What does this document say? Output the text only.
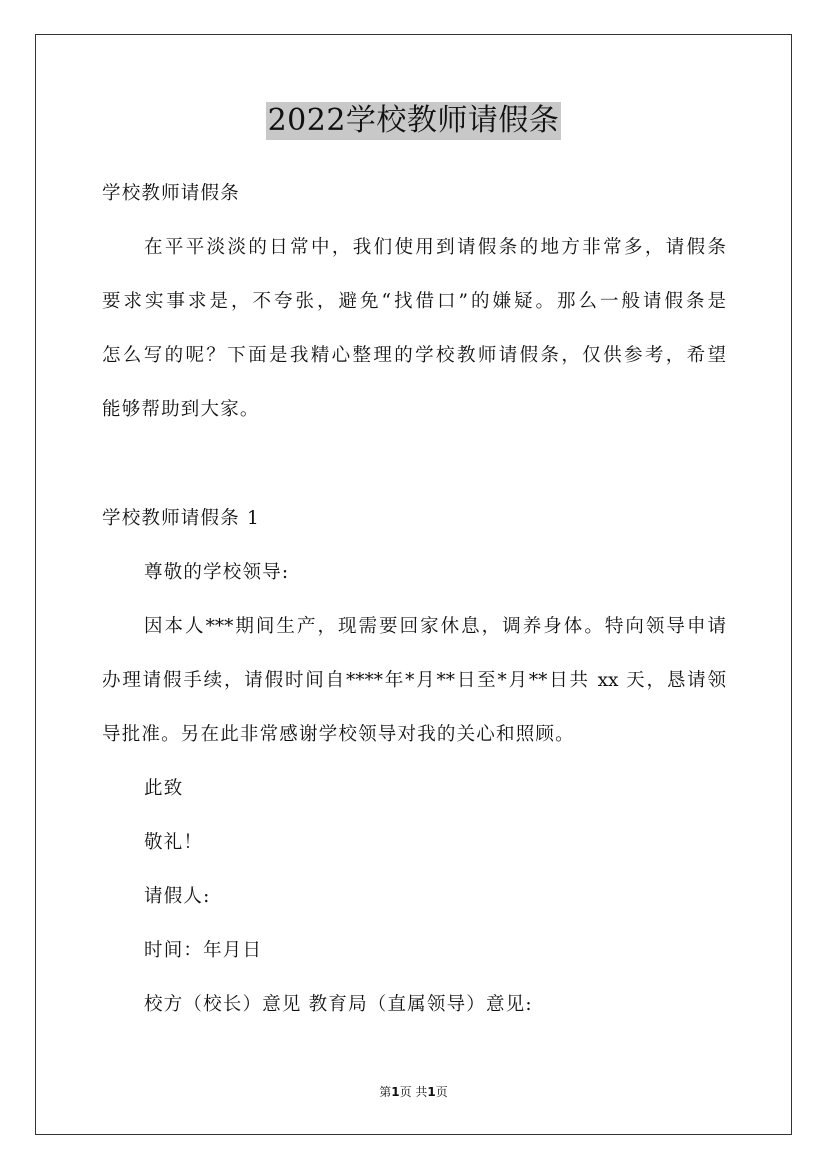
2022学校教师请假条
学校教师请假条
在平平淡淡的日常中，我们使用到请假条的地方非常多，请假条
要求实事求是，不夸张，避免“找借口”的嫌疑。那么一般请假条是
怎么写的呢？下面是我精心整理的学校教师请假条，仅供参考，希望
能够帮助到大家。
学校教师请假条 1
尊敬的学校领导:
因本人***期间生产，现需要回家休息，调养身体。特向领导申请
办理请假手续，请假时间自****年*月**日至*月**日共 xx 天，恳请领
导批准。另在此非常感谢学校领导对我的关心和照顾。
此致
敬礼！
请假人:
时间：年月日
校方（校长）意见 教育局（直属领导）意见:
第1页 共1页
